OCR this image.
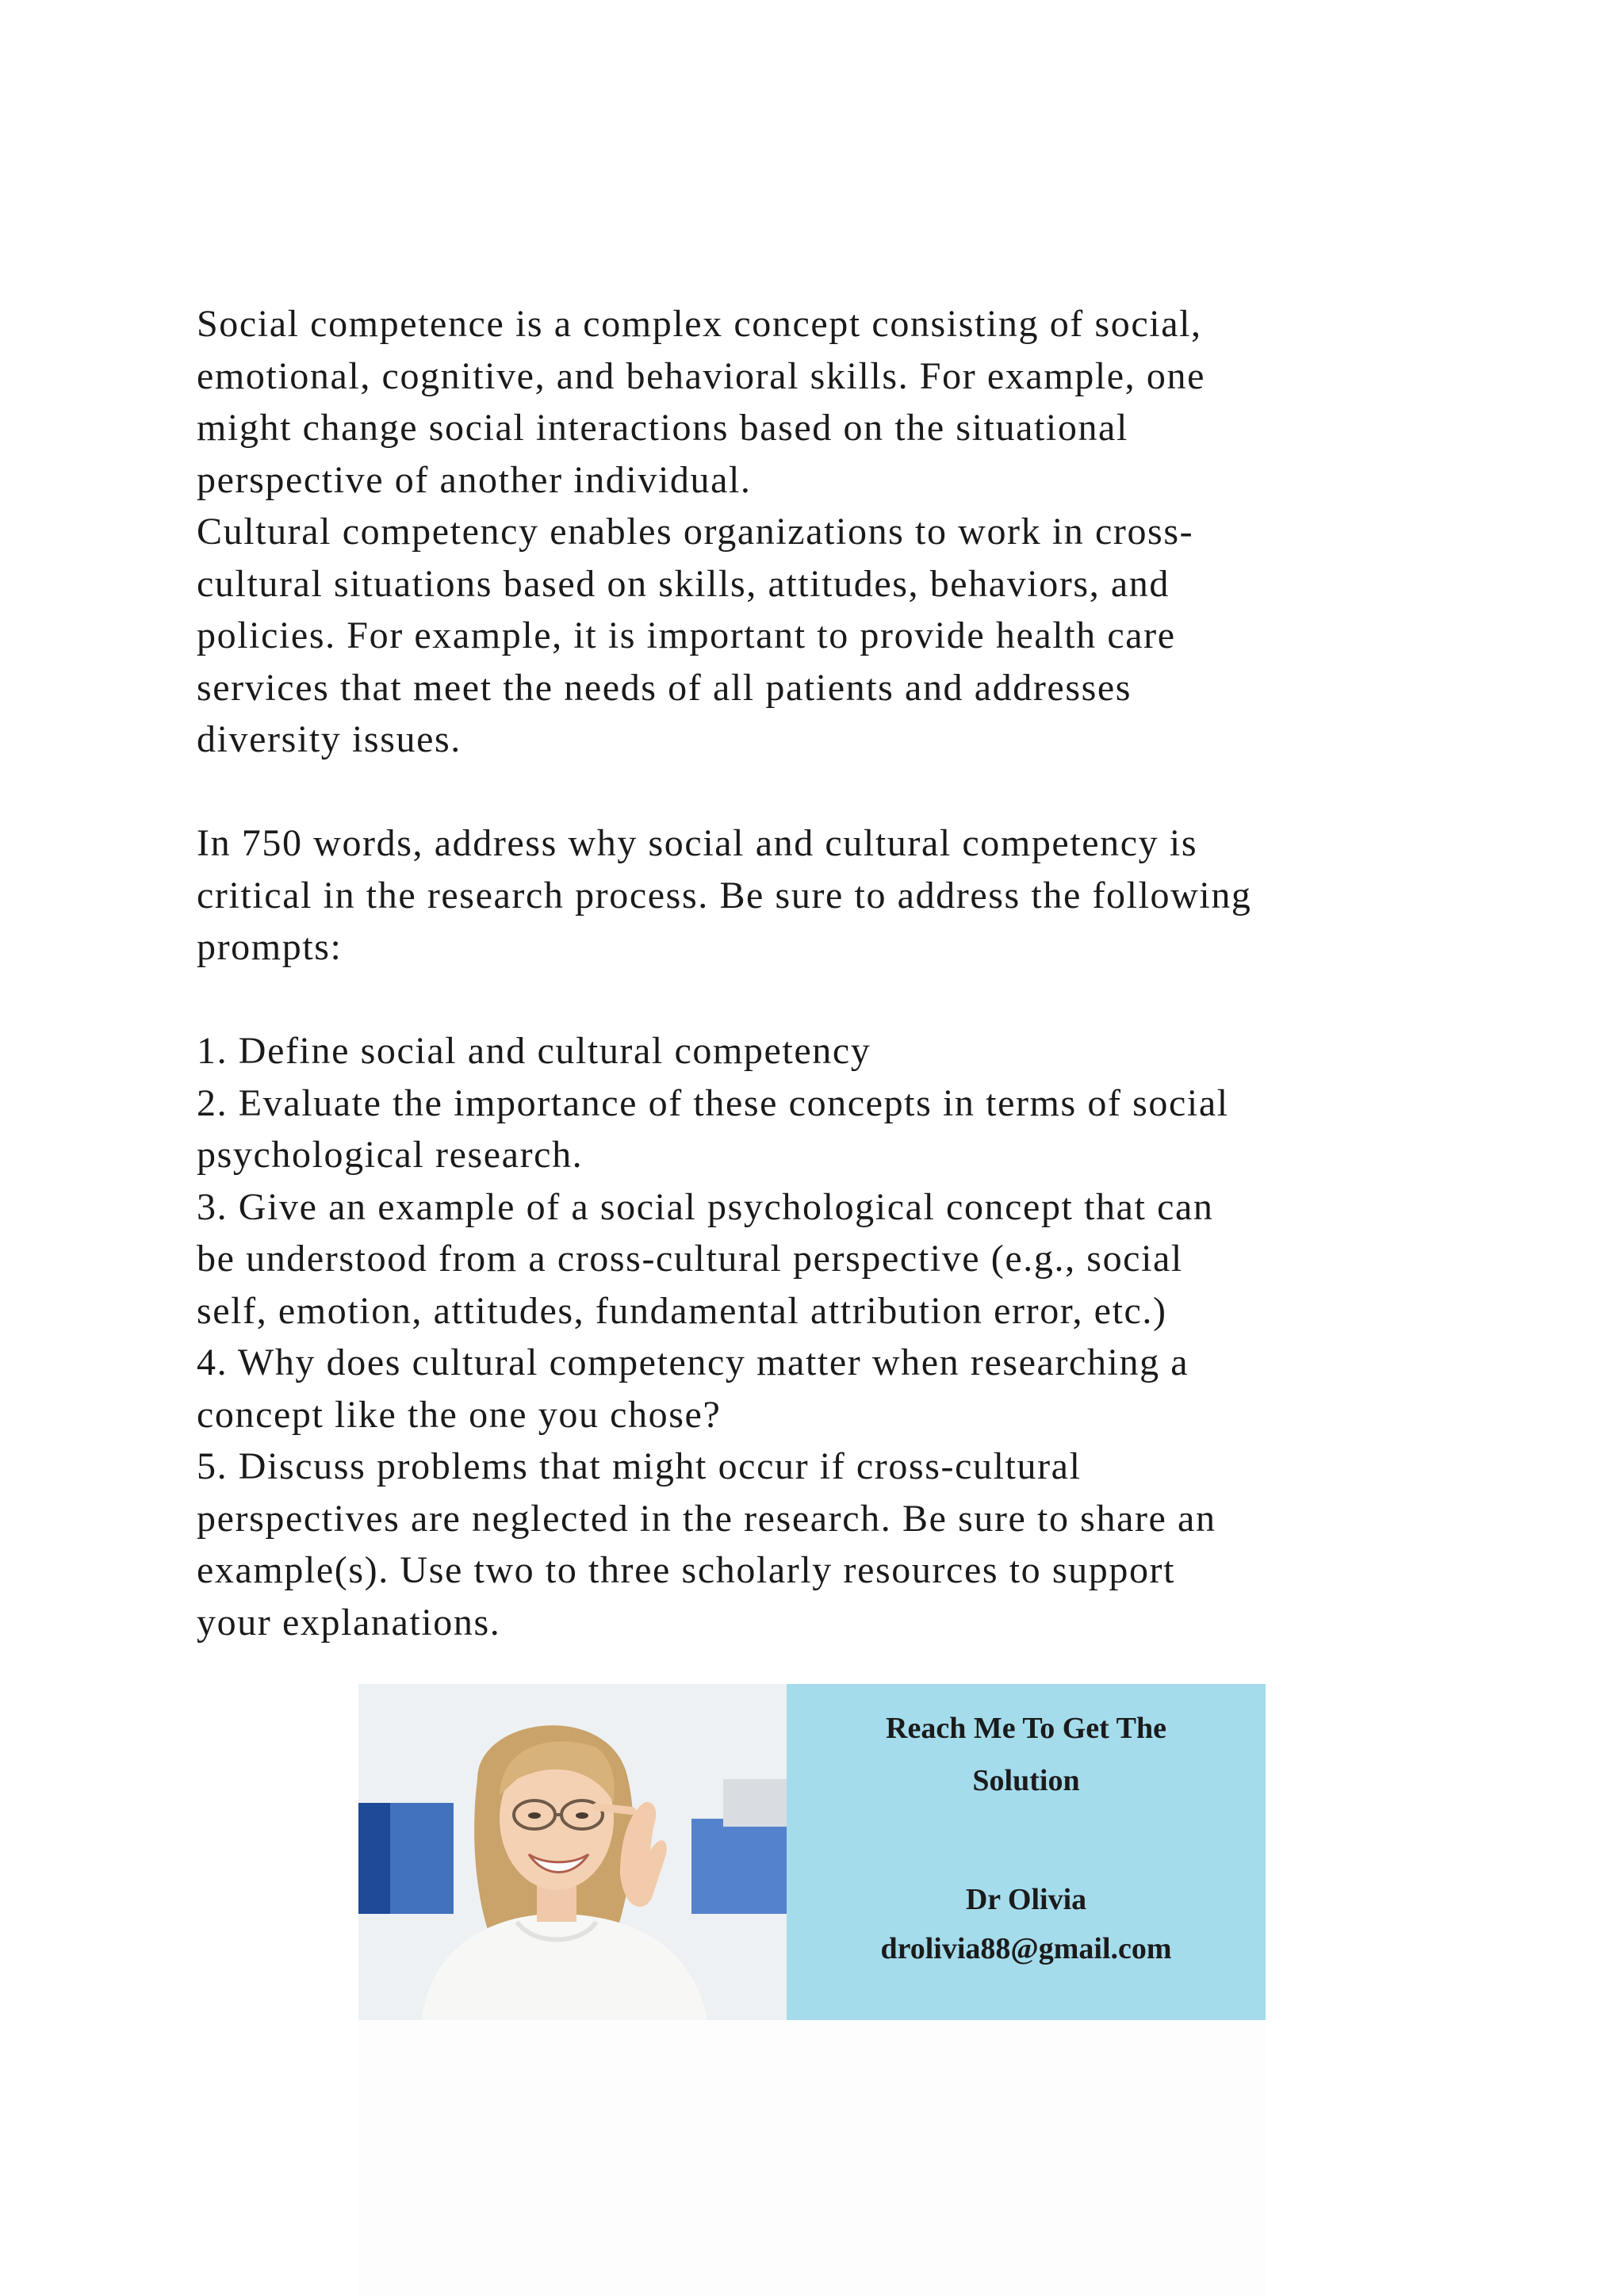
Social competence is a complex concept consisting of social,
emotional, cognitive, and behavioral skills. For example, one
might change social interactions based on the situational
perspective of another individual.
Cultural competency enables organizations to work in cross-
cultural situations based on skills, attitudes, behaviors, and
policies. For example, it is important to provide health care
services that meet the needs of all patients and addresses
diversity issues.
In 750 words, address why social and cultural competency is
critical in the research process. Be sure to address the following
prompts:
1. Define social and cultural competency
2. Evaluate the importance of these concepts in terms of social
psychological research.
3. Give an example of a social psychological concept that can
be understood from a cross-cultural perspective (e.g., social
self, emotion, attitudes, fundamental attribution error, etc.)
4. Why does cultural competency matter when researching a
concept like the one you chose?
5. Discuss problems that might occur if cross-cultural
perspectives are neglected in the research. Be sure to share an
example(s). Use two to three scholarly resources to support
your explanations.
Reach Me To Get The
Solution
Dr Olivia
drolivia88@gmail.com
